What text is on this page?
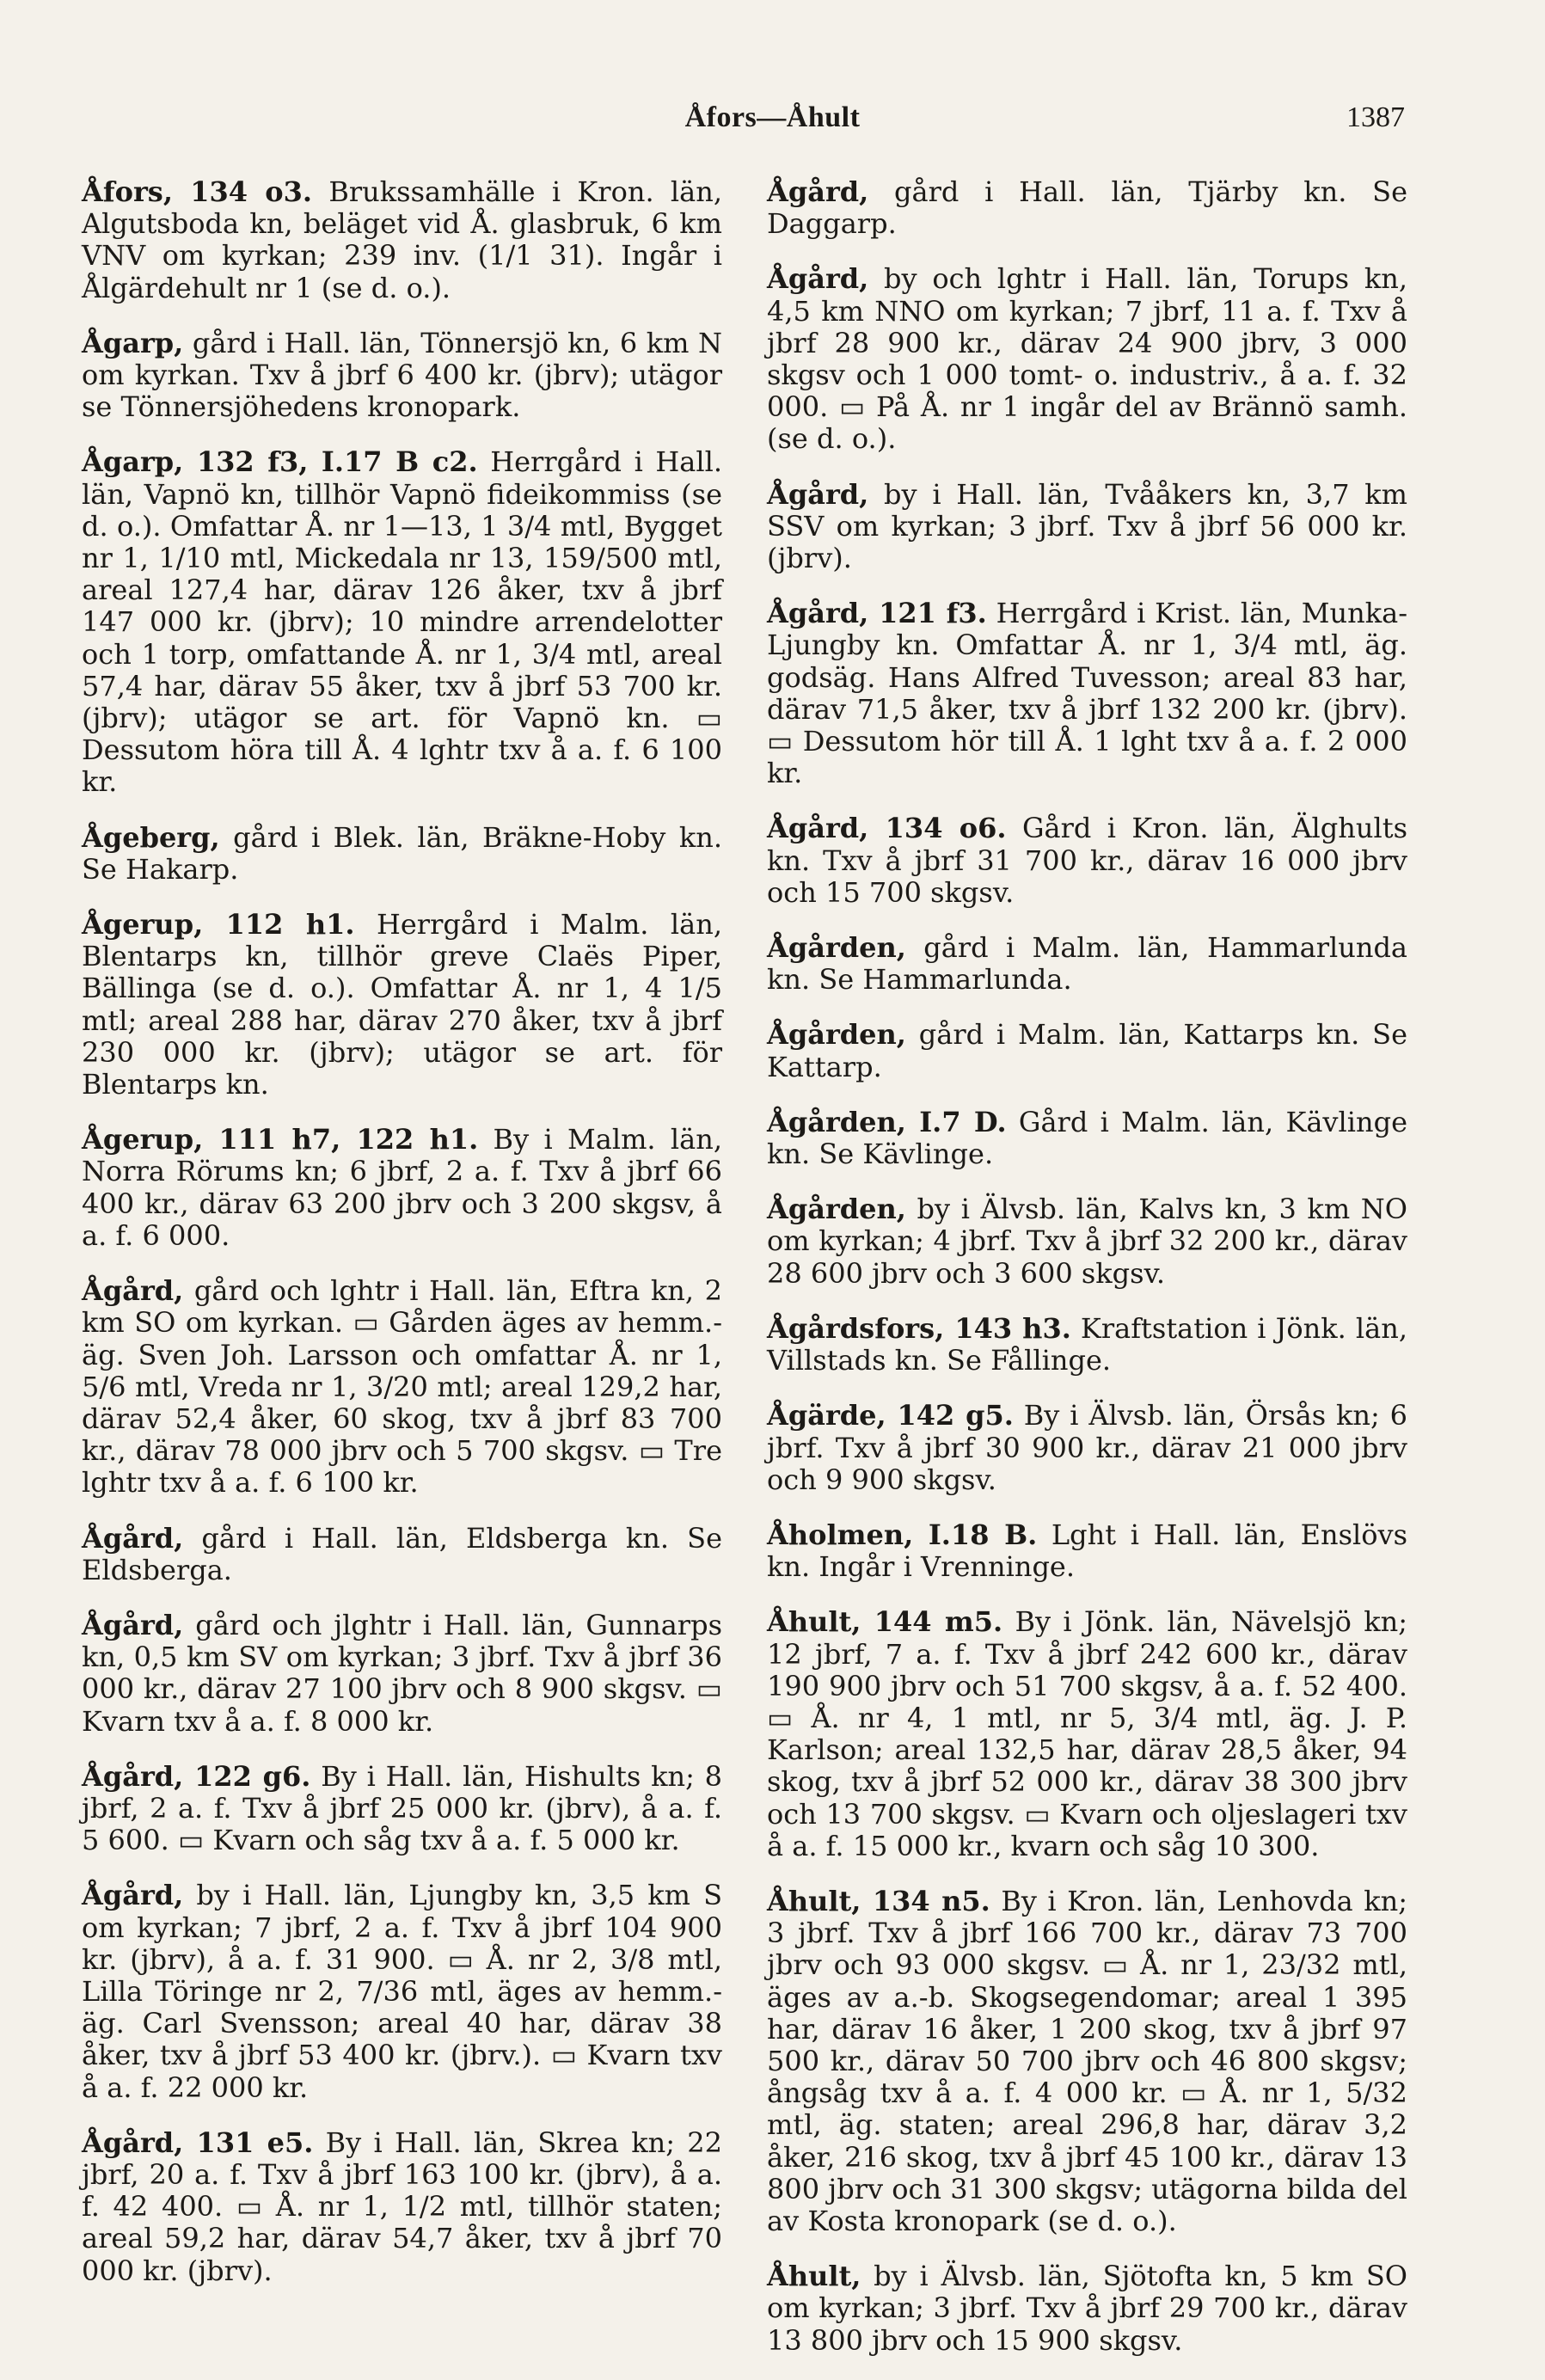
Åfors—Åhult	1387

Åfors, 134 o3. Brukssamhälle i Kron. län, Algutsboda kn, beläget vid Å. glasbruk, 6 km VNV om kyrkan; 239 inv. (1/1 31). Ingår i Ålgärdehult nr 1 (se d. o.).

Ågarp, gård i Hall. län, Tönnersjö kn, 6 km N om kyrkan. Txv å jbrf 6 400 kr. (jbrv); utägor se Tönnersjöhedens kronopark.

Ågarp, 132 f3, I.17 B c2. Herrgård i Hall. län, Vapnö kn, tillhör Vapnö fideikommiss (se d. o.). Omfattar Å. nr 1—13, 1 3/4 mtl, Bygget nr 1, 1/10 mtl, Mickedala nr 13, 159/500 mtl, areal 127,4 har, därav 126 åker, txv å jbrf 147 000 kr. (jbrv); 10 mindre arrendelotter och 1 torp, omfattande Å. nr 1, 3/4 mtl, areal 57,4 har, därav 55 åker, txv å jbrf 53 700 kr. (jbrv); utägor se art. för Vapnö kn. ▭ Dessutom höra till Å. 4 lghtr txv å a. f. 6 100 kr.

Ågeberg, gård i Blek. län, Bräkne-Hoby kn. Se Hakarp.

Ågerup, 112 h1. Herrgård i Malm. län, Blentarps kn, tillhör greve Claës Piper, Bällinga (se d. o.). Omfattar Å. nr 1, 4 1/5 mtl; areal 288 har, därav 270 åker, txv å jbrf 230 000 kr. (jbrv); utägor se art. för Blentarps kn.

Ågerup, 111 h7, 122 h1. By i Malm. län, Norra Rörums kn; 6 jbrf, 2 a. f. Txv å jbrf 66 400 kr., därav 63 200 jbrv och 3 200 skgsv, å a. f. 6 000.

Ågård, gård och lghtr i Hall. län, Eftra kn, 2 km SO om kyrkan. ▭ Gården äges av hemm.-äg. Sven Joh. Larsson och omfattar Å. nr 1, 5/6 mtl, Vreda nr 1, 3/20 mtl; areal 129,2 har, därav 52,4 åker, 60 skog, txv å jbrf 83 700 kr., därav 78 000 jbrv och 5 700 skgsv. ▭ Tre lghtr txv å a. f. 6 100 kr.

Ågård, gård i Hall. län, Eldsberga kn. Se Eldsberga.

Ågård, gård och jlghtr i Hall. län, Gunnarps kn, 0,5 km SV om kyrkan; 3 jbrf. Txv å jbrf 36 000 kr., därav 27 100 jbrv och 8 900 skgsv. ▭ Kvarn txv å a. f. 8 000 kr.

Ågård, 122 g6. By i Hall. län, Hishults kn; 8 jbrf, 2 a. f. Txv å jbrf 25 000 kr. (jbrv), å a. f. 5 600. ▭ Kvarn och såg txv å a. f. 5 000 kr.

Ågård, by i Hall. län, Ljungby kn, 3,5 km S om kyrkan; 7 jbrf, 2 a. f. Txv å jbrf 104 900 kr. (jbrv), å a. f. 31 900. ▭ Å. nr 2, 3/8 mtl, Lilla Töringe nr 2, 7/36 mtl, äges av hemm.-äg. Carl Svensson; areal 40 har, därav 38 åker, txv å jbrf 53 400 kr. (jbrv.). ▭ Kvarn txv å a. f. 22 000 kr.

Ågård, 131 e5. By i Hall. län, Skrea kn; 22 jbrf, 20 a. f. Txv å jbrf 163 100 kr. (jbrv), å a. f. 42 400. ▭ Å. nr 1, 1/2 mtl, tillhör staten; areal 59,2 har, därav 54,7 åker, txv å jbrf 70 000 kr. (jbrv).

Ågård, gård i Hall. län, Tjärby kn. Se Daggarp.

Ågård, by och lghtr i Hall. län, Torups kn, 4,5 km NNO om kyrkan; 7 jbrf, 11 a. f. Txv å jbrf 28 900 kr., därav 24 900 jbrv, 3 000 skgsv och 1 000 tomt- o. industriv., å a. f. 32 000. ▭ På Å. nr 1 ingår del av Brännö samh. (se d. o.).

Ågård, by i Hall. län, Tvååkers kn, 3,7 km SSV om kyrkan; 3 jbrf. Txv å jbrf 56 000 kr. (jbrv).

Ågård, 121 f3. Herrgård i Krist. län, Munka-Ljungby kn. Omfattar Å. nr 1, 3/4 mtl, äg. godsäg. Hans Alfred Tuvesson; areal 83 har, därav 71,5 åker, txv å jbrf 132 200 kr. (jbrv). ▭ Dessutom hör till Å. 1 lght txv å a. f. 2 000 kr.

Ågård, 134 o6. Gård i Kron. län, Älghults kn. Txv å jbrf 31 700 kr., därav 16 000 jbrv och 15 700 skgsv.

Ågården, gård i Malm. län, Hammarlunda kn. Se Hammarlunda.

Ågården, gård i Malm. län, Kattarps kn. Se Kattarp.

Ågården, I.7 D. Gård i Malm. län, Kävlinge kn. Se Kävlinge.

Ågården, by i Älvsb. län, Kalvs kn, 3 km NO om kyrkan; 4 jbrf. Txv å jbrf 32 200 kr., därav 28 600 jbrv och 3 600 skgsv.

Ågårdsfors, 143 h3. Kraftstation i Jönk. län, Villstads kn. Se Fållinge.

Ågärde, 142 g5. By i Älvsb. län, Örsås kn; 6 jbrf. Txv å jbrf 30 900 kr., därav 21 000 jbrv och 9 900 skgsv.

Åholmen, I.18 B. Lght i Hall. län, Enslövs kn. Ingår i Vrenninge.

Åhult, 144 m5. By i Jönk. län, Nävelsjö kn; 12 jbrf, 7 a. f. Txv å jbrf 242 600 kr., därav 190 900 jbrv och 51 700 skgsv, å a. f. 52 400. ▭ Å. nr 4, 1 mtl, nr 5, 3/4 mtl, äg. J. P. Karlson; areal 132,5 har, därav 28,5 åker, 94 skog, txv å jbrf 52 000 kr., därav 38 300 jbrv och 13 700 skgsv. ▭ Kvarn och oljeslageri txv å a. f. 15 000 kr., kvarn och såg 10 300.

Åhult, 134 n5. By i Kron. län, Lenhovda kn; 3 jbrf. Txv å jbrf 166 700 kr., därav 73 700 jbrv och 93 000 skgsv. ▭ Å. nr 1, 23/32 mtl, äges av a.-b. Skogsegendomar; areal 1 395 har, därav 16 åker, 1 200 skog, txv å jbrf 97 500 kr., därav 50 700 jbrv och 46 800 skgsv; ångsåg txv å a. f. 4 000 kr. ▭ Å. nr 1, 5/32 mtl, äg. staten; areal 296,8 har, därav 3,2 åker, 216 skog, txv å jbrf 45 100 kr., därav 13 800 jbrv och 31 300 skgsv; utägorna bilda del av Kosta kronopark (se d. o.).

Åhult, by i Älvsb. län, Sjötofta kn, 5 km SO om kyrkan; 3 jbrf. Txv å jbrf 29 700 kr., därav 13 800 jbrv och 15 900 skgsv.
